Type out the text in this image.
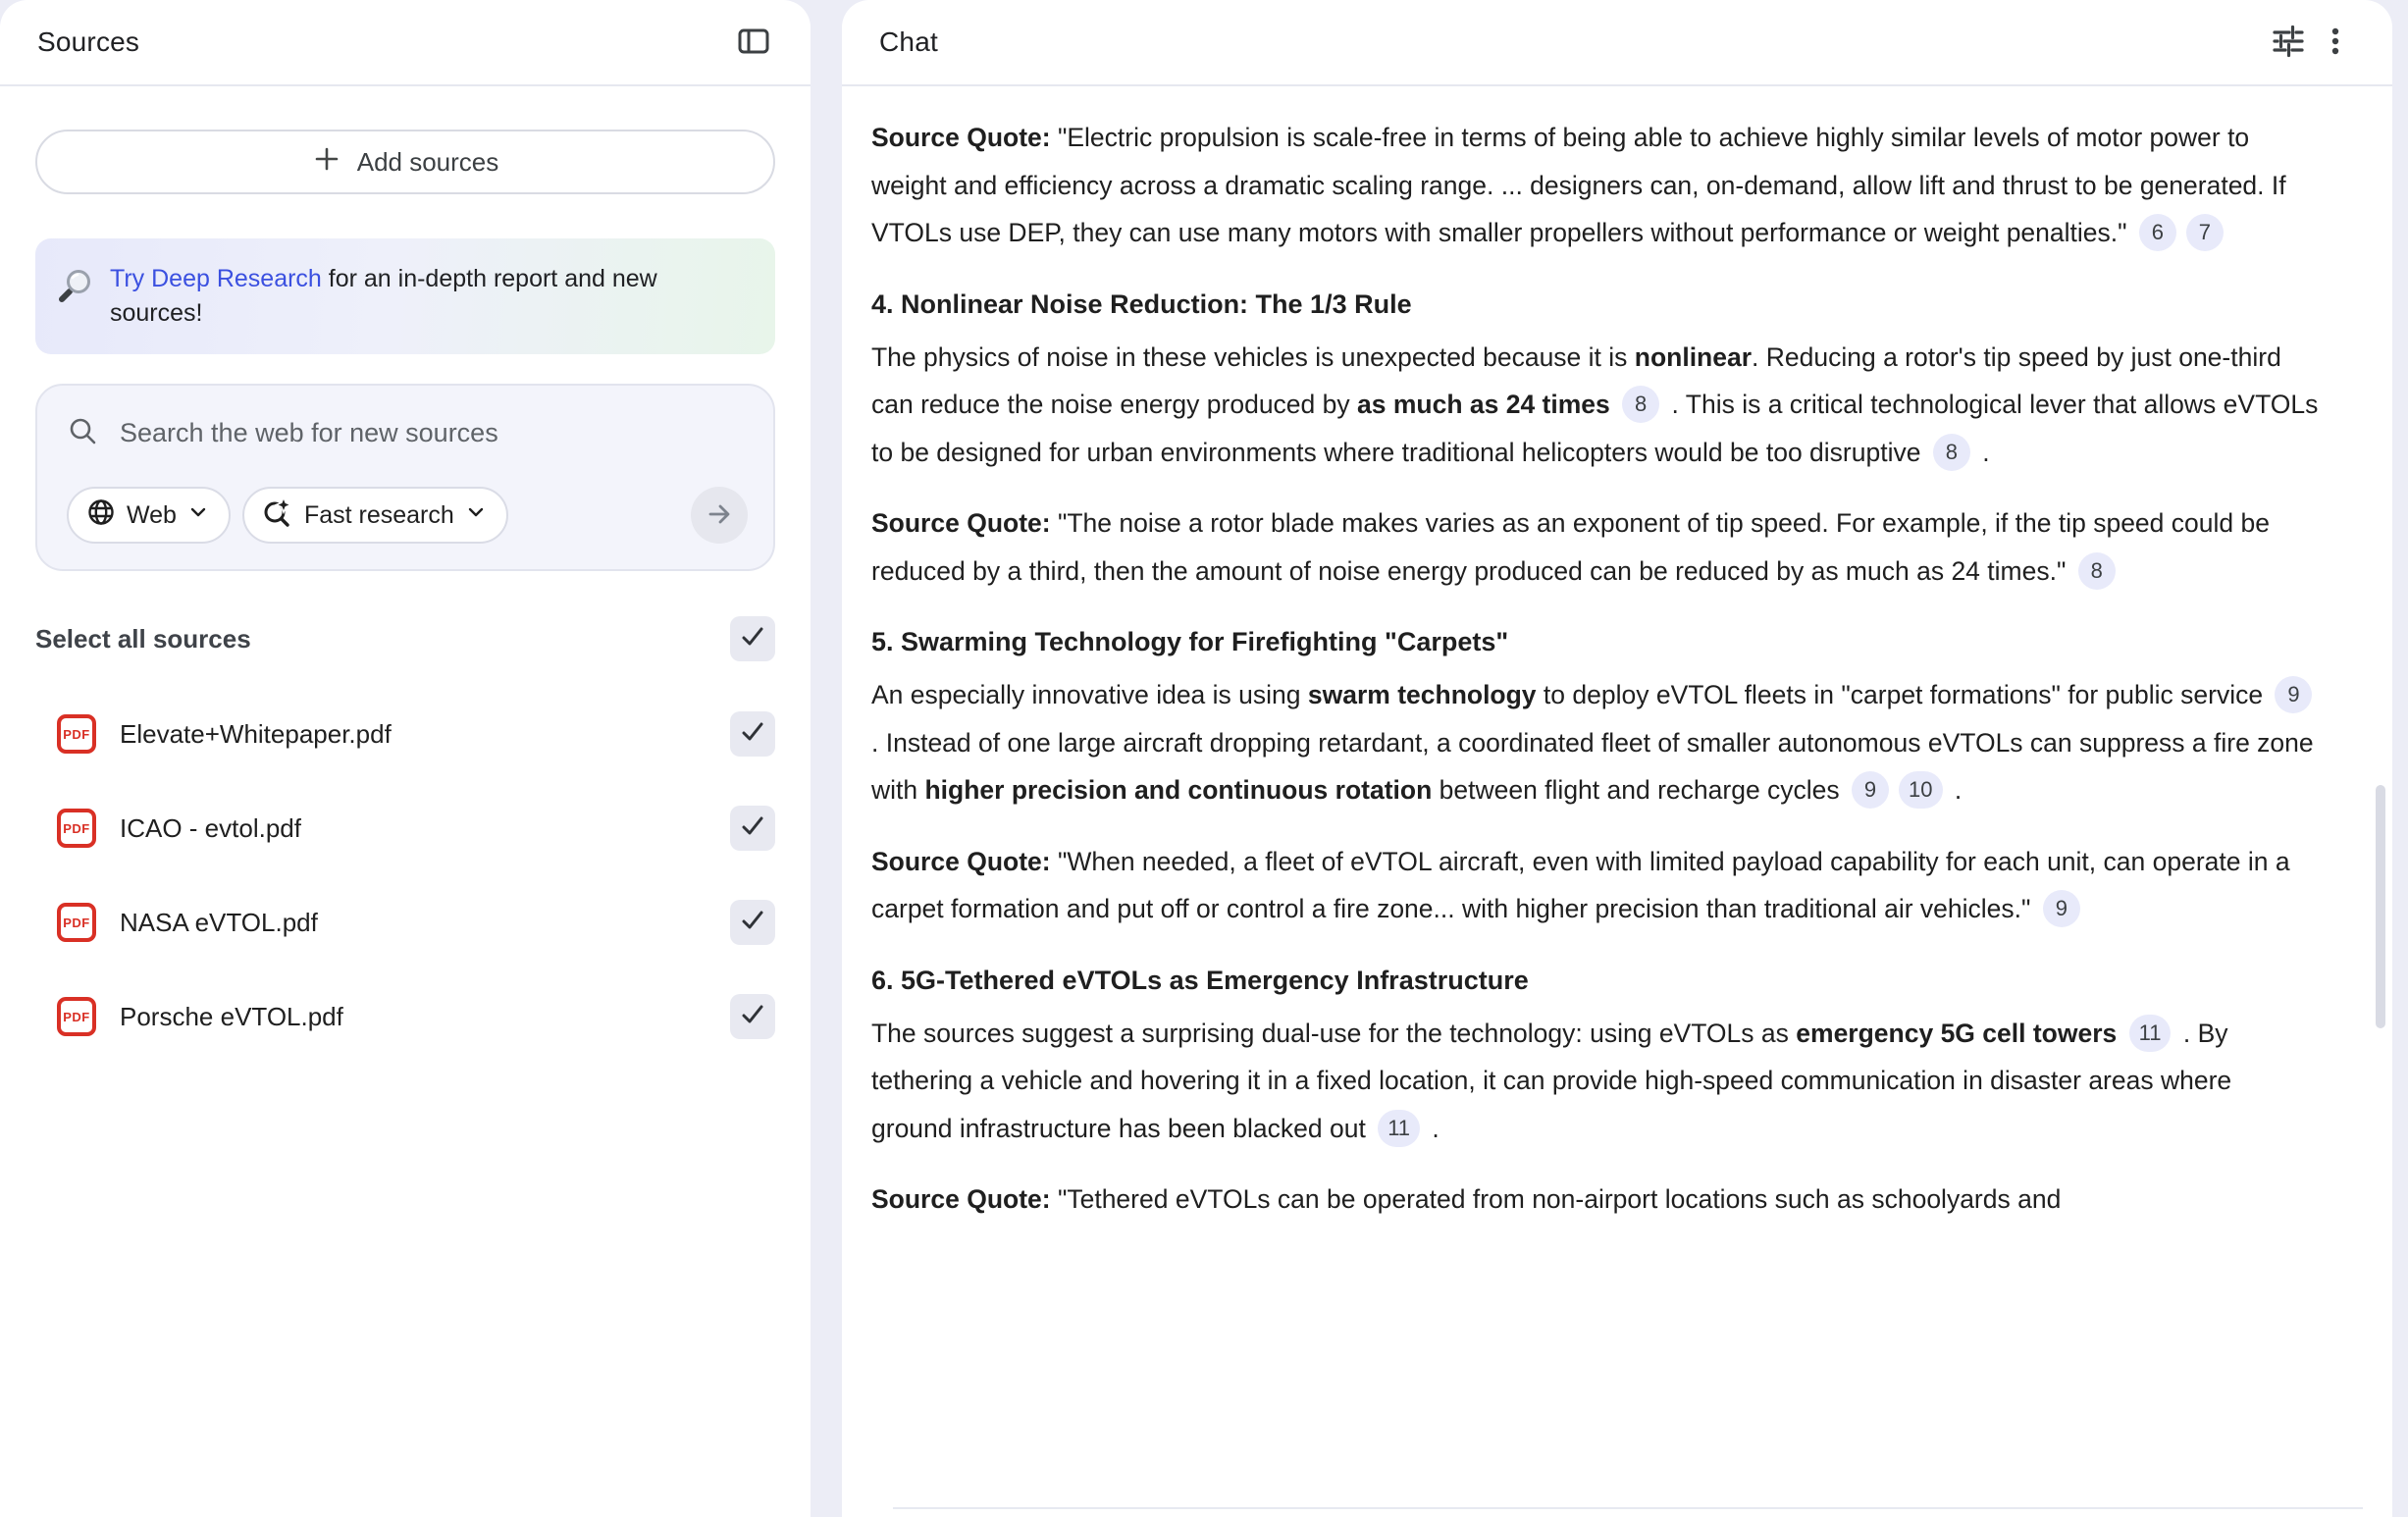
Sources
Add sources
Try Deep Research for an in-depth report and new sources!
Search the web for new sources
Web	Fast research
Select all sources
PDF Elevate+Whitepaper.pdf
PDF ICAO - evtol.pdf
PDF NASA eVTOL.pdf
PDF Porsche eVTOL.pdf
Chat

Source Quote: "Electric propulsion is scale-free in terms of being able to achieve highly similar levels of motor power to weight and efficiency across a dramatic scaling range. ... designers can, on-demand, allow lift and thrust to be generated. If VTOLs use DEP, they can use many motors with smaller propellers without performance or weight penalties." 6 7

4. Nonlinear Noise Reduction: The 1/3 Rule

The physics of noise in these vehicles is unexpected because it is nonlinear. Reducing a rotor's tip speed by just one-third can reduce the noise energy produced by as much as 24 times 8 . This is a critical technological lever that allows eVTOLs to be designed for urban environments where traditional helicopters would be too disruptive 8 .

Source Quote: "The noise a rotor blade makes varies as an exponent of tip speed. For example, if the tip speed could be reduced by a third, then the amount of noise energy produced can be reduced by as much as 24 times." 8

5. Swarming Technology for Firefighting "Carpets"

An especially innovative idea is using swarm technology to deploy eVTOL fleets in "carpet formations" for public service 9 . Instead of one large aircraft dropping retardant, a coordinated fleet of smaller autonomous eVTOLs can suppress a fire zone with higher precision and continuous rotation between flight and recharge cycles 9 10 .

Source Quote: "When needed, a fleet of eVTOL aircraft, even with limited payload capability for each unit, can operate in a carpet formation and put off or control a fire zone... with higher precision than traditional air vehicles." 9

6. 5G-Tethered eVTOLs as Emergency Infrastructure

The sources suggest a surprising dual-use for the technology: using eVTOLs as emergency 5G cell towers 11 . By tethering a vehicle and hovering it in a fixed location, it can provide high-speed communication in disaster areas where ground infrastructure has been blacked out 11 .

Source Quote: "Tethered eVTOLs can be operated from non-airport locations such as schoolyards and
